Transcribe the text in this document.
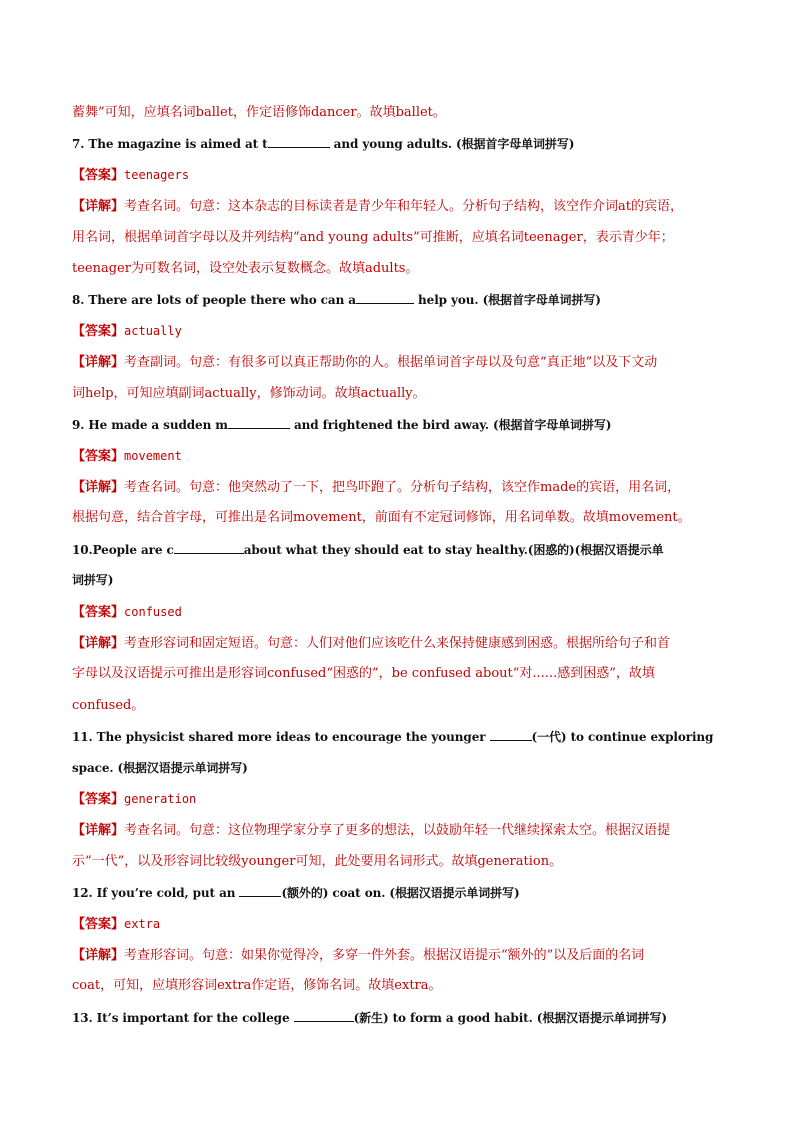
蓄舞”可知，应填名词ballet，作定语修饰dancer。故填ballet。
7. The magazine is aimed at t	and young adults. (根据首字母单词拼写)
【答案】teenagers
【详解】考查名词。句意：这本杂志的目标读者是青少年和年轻人。分析句子结构，该空作介词at的宾语，
用名词，根据单词首字母以及并列结构“and young adults”可推断，应填名词teenager，表示青少年；
teenager为可数名词，设空处表示复数概念。故填adults。
8. There are lots of people there who can a	help you. (根据首字母单词拼写)
【答案】actually
【详解】考查副词。句意：有很多可以真正帮助你的人。根据单词首字母以及句意“真正地”以及下文动
词help，可知应填副词actually，修饰动词。故填actually。
9. He made a sudden m	and frightened the bird away. (根据首字母单词拼写)
【答案】movement
【详解】考查名词。句意：他突然动了一下，把鸟吓跑了。分析句子结构，该空作made的宾语，用名词，
根据句意，结合首字母，可推出是名词movement，前面有不定冠词修饰，用名词单数。故填movement。
10.People are c	about what they should eat to stay healthy.(困惑的)(根据汉语提示单
词拼写)
【答案】confused
【详解】考查形容词和固定短语。句意：人们对他们应该吃什么来保持健康感到困惑。根据所给句子和首
字母以及汉语提示可推出是形容词confused“困惑的”，be confused about“对......感到困惑”，故填
confused。
11. The physicist shared more ideas to encourage the younger	(一代) to continue exploring
space. (根据汉语提示单词拼写)
【答案】generation
【详解】考查名词。句意：这位物理学家分享了更多的想法，以鼓励年轻一代继续探索太空。根据汉语提
示“一代”，以及形容词比较级younger可知，此处要用名词形式。故填generation。
12. If you’re cold, put an	(额外的) coat on. (根据汉语提示单词拼写)
【答案】extra
【详解】考查形容词。句意：如果你觉得冷，多穿一件外套。根据汉语提示“额外的”以及后面的名词
coat，可知，应填形容词extra作定语，修饰名词。故填extra。
13. It’s important for the college	(新生) to form a good habit. (根据汉语提示单词拼写)
